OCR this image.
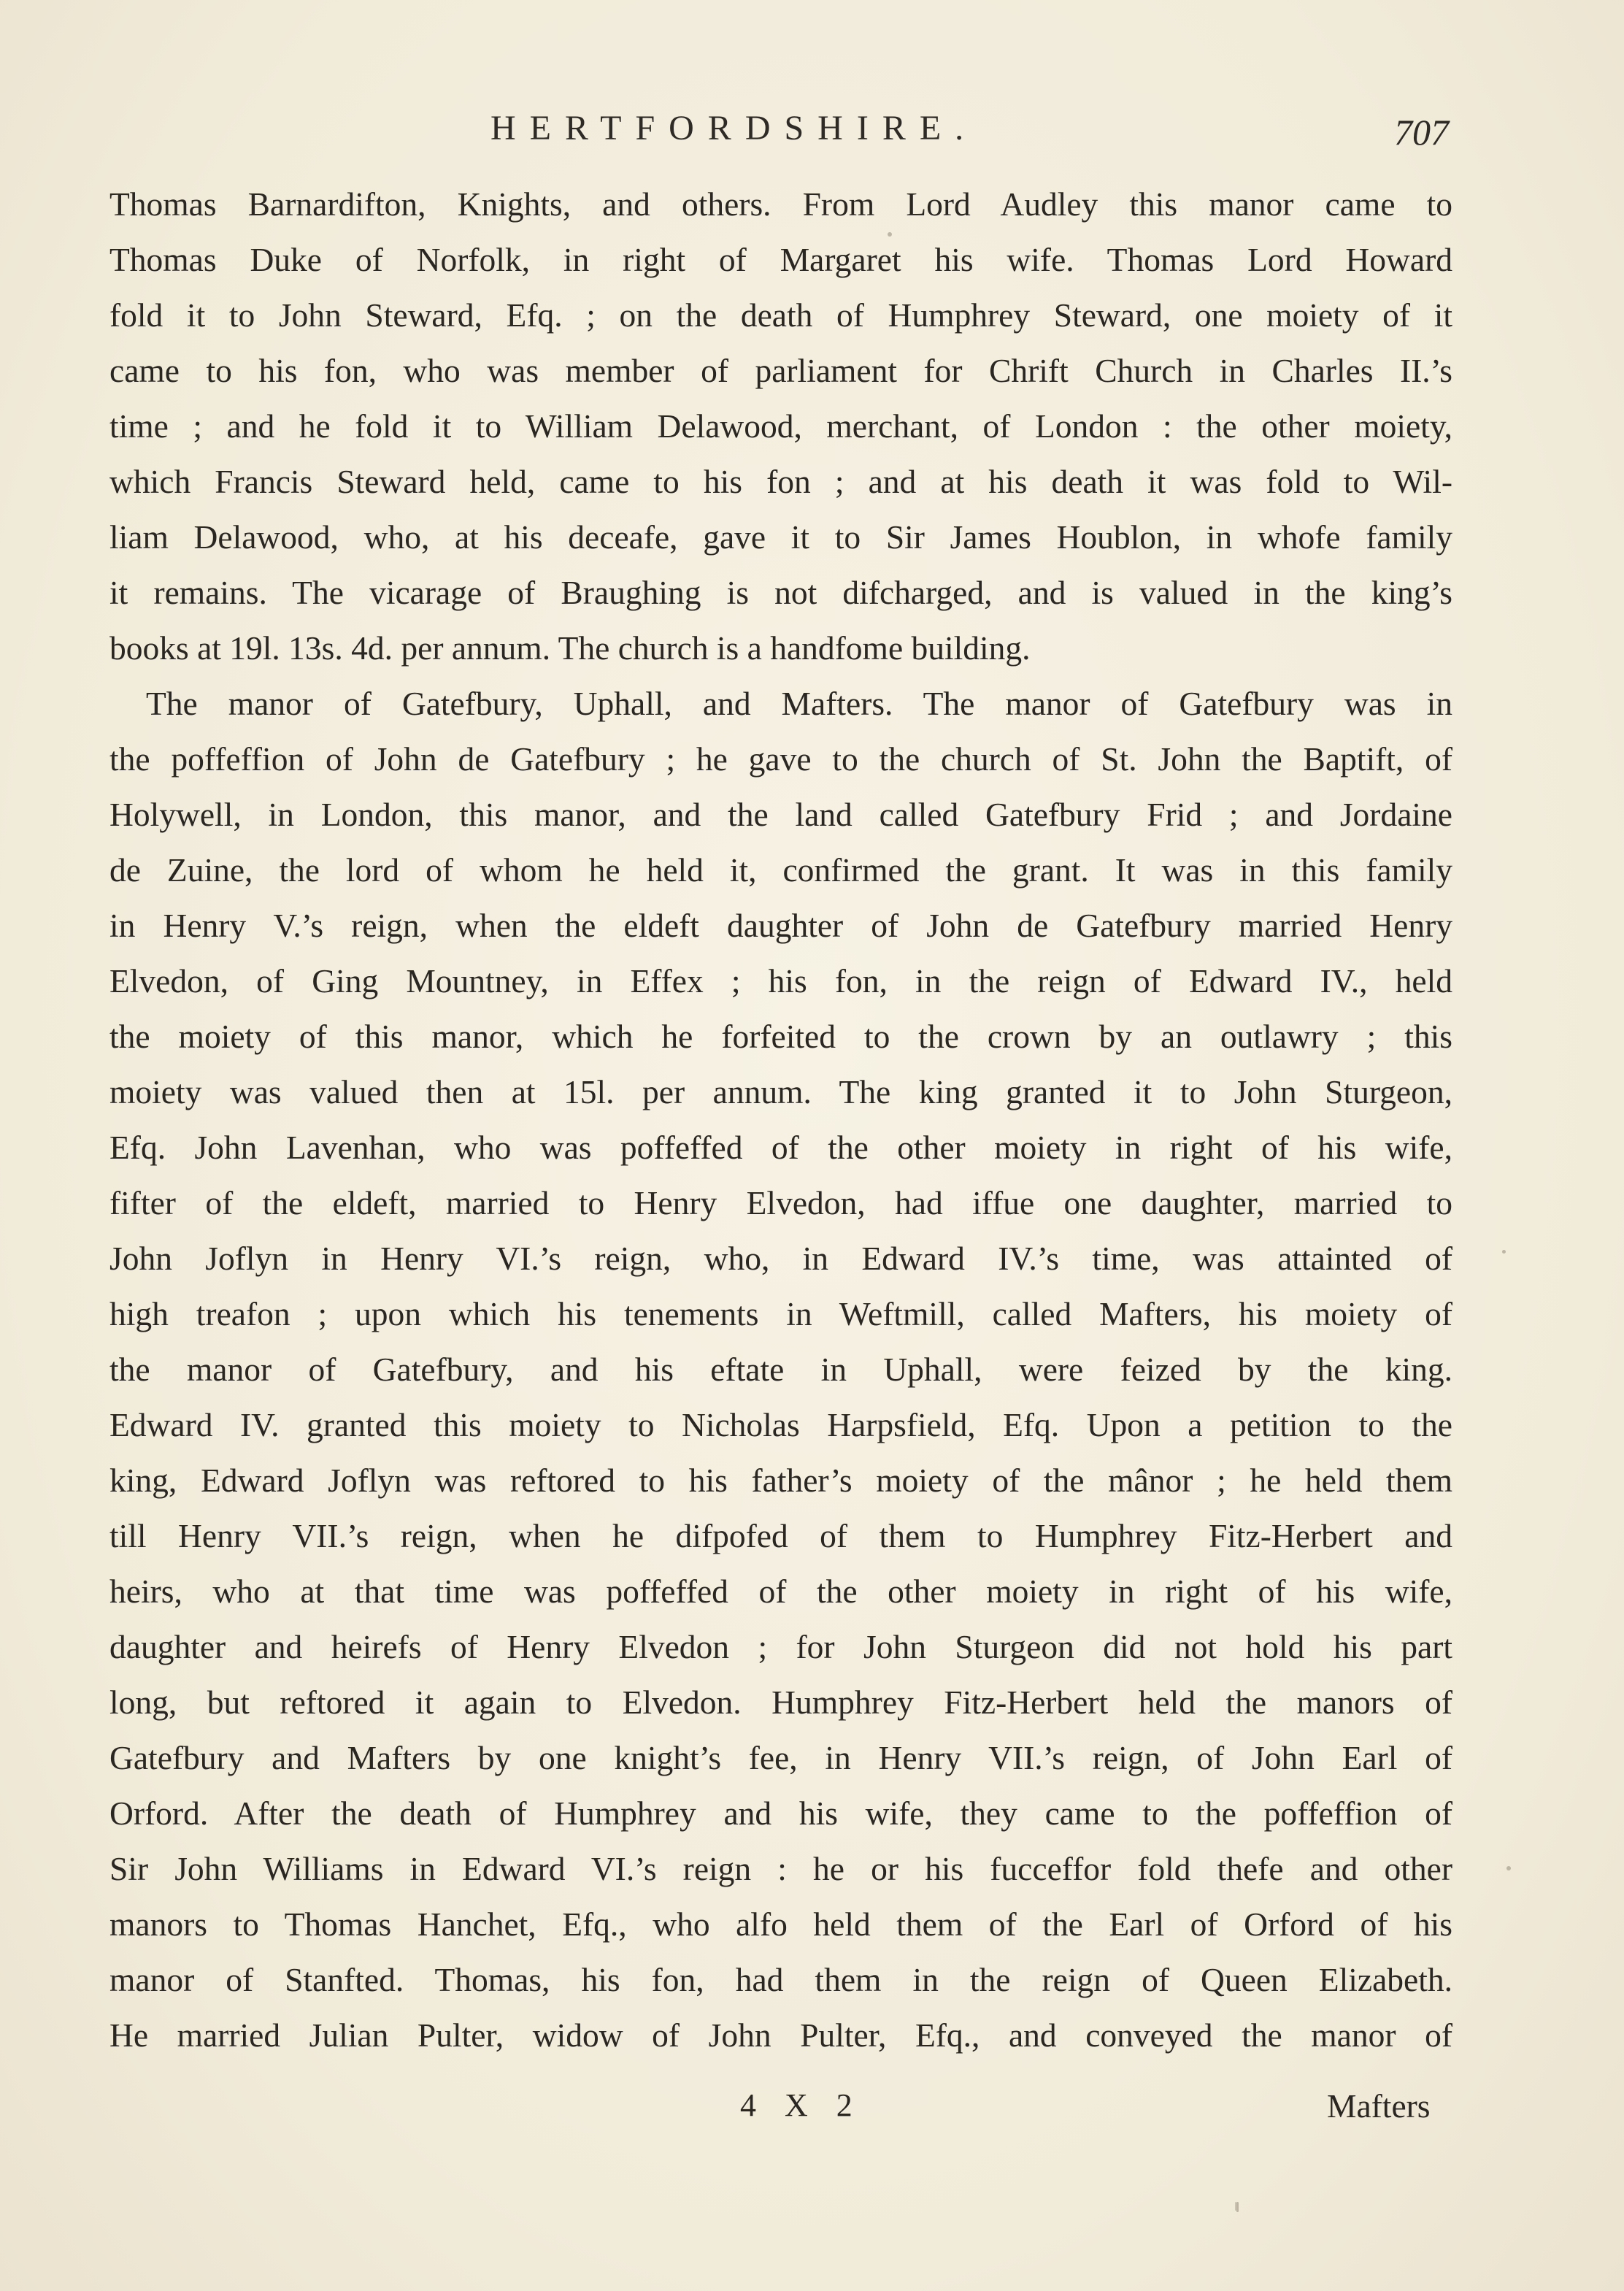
HERTFORDSHIRE.	707
Thomas Barnardifton, Knights, and others. From Lord Audley this manor came to
Thomas Duke of Norfolk, in right of Margaret his wife. Thomas Lord Howard
fold it to John Steward, Efq. ; on the death of Humphrey Steward, one moiety of it
came to his fon, who was member of parliament for Chrift Church in Charles II.’s
time ; and he fold it to William Delawood, merchant, of London : the other moiety,
which Francis Steward held, came to his fon ; and at his death it was fold to Wil-
liam Delawood, who, at his deceafe, gave it to Sir James Houblon, in whofe family
it remains. The vicarage of Braughing is not difcharged, and is valued in the king’s
books at 19l. 13s. 4d. per annum. The church is a handfome building.
The manor of Gatefbury, Uphall, and Mafters. The manor of Gatefbury was in
the poffeffion of John de Gatefbury ; he gave to the church of St. John the Baptift, of
Holywell, in London, this manor, and the land called Gatefbury Frid ; and Jordaine
de Zuine, the lord of whom he held it, confirmed the grant. It was in this family
in Henry V.’s reign, when the eldeft daughter of John de Gatefbury married Henry
Elvedon, of Ging Mountney, in Effex ; his fon, in the reign of Edward IV., held
the moiety of this manor, which he forfeited to the crown by an outlawry ; this
moiety was valued then at 15l. per annum. The king granted it to John Sturgeon,
Efq. John Lavenhan, who was poffeffed of the other moiety in right of his wife,
fifter of the eldeft, married to Henry Elvedon, had iffue one daughter, married to
John Joflyn in Henry VI.’s reign, who, in Edward IV.’s time, was attainted of
high treafon ; upon which his tenements in Weftmill, called Mafters, his moiety of
the manor of Gatefbury, and his eftate in Uphall, were feized by the king.
Edward IV. granted this moiety to Nicholas Harpsfield, Efq. Upon a petition to the
king, Edward Joflyn was reftored to his father’s moiety of the mânor ; he held them
till Henry VII.’s reign, when he difpofed of them to Humphrey Fitz-Herbert and
heirs, who at that time was poffeffed of the other moiety in right of his wife,
daughter and heirefs of Henry Elvedon ; for John Sturgeon did not hold his part
long, but reftored it again to Elvedon. Humphrey Fitz-Herbert held the manors of
Gatefbury and Mafters by one knight’s fee, in Henry VII.’s reign, of John Earl of
Orford. After the death of Humphrey and his wife, they came to the poffeffion of
Sir John Williams in Edward VI.’s reign : he or his fucceffor fold thefe and other
manors to Thomas Hanchet, Efq., who alfo held them of the Earl of Orford of his
manor of Stanfted. Thomas, his fon, had them in the reign of Queen Elizabeth.
He married Julian Pulter, widow of John Pulter, Efq., and conveyed the manor of
4 X 2	Mafters
